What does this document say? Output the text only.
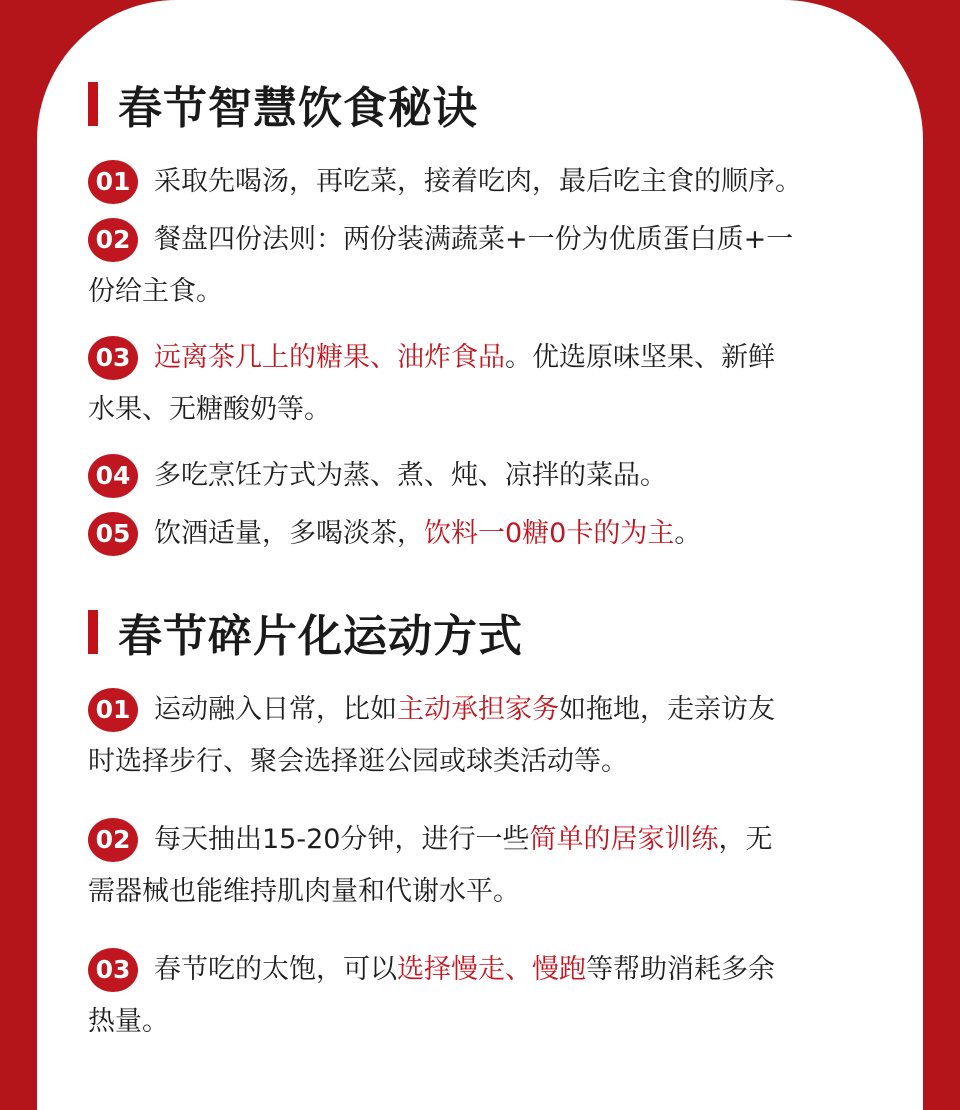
春节智慧饮食秘诀
01 采取先喝汤，再吃菜，接着吃肉，最后吃主食的顺序。
02 餐盘四份法则：两份装满蔬菜+一份为优质蛋白质+一
份给主食。
03 远离茶几上的糖果、油炸食品。优选原味坚果、新鲜
水果、无糖酸奶等。
04 多吃烹饪方式为蒸、煮、炖、凉拌的菜品。
05 饮酒适量，多喝淡茶，饮料一0糖0卡的为主。
春节碎片化运动方式
01 运动融入日常，比如主动承担家务如拖地，走亲访友
时选择步行、聚会选择逛公园或球类活动等。
02 每天抽出15-20分钟，进行一些简单的居家训练，无
需器械也能维持肌肉量和代谢水平。
03 春节吃的太饱，可以选择慢走、慢跑等帮助消耗多余
热量。
